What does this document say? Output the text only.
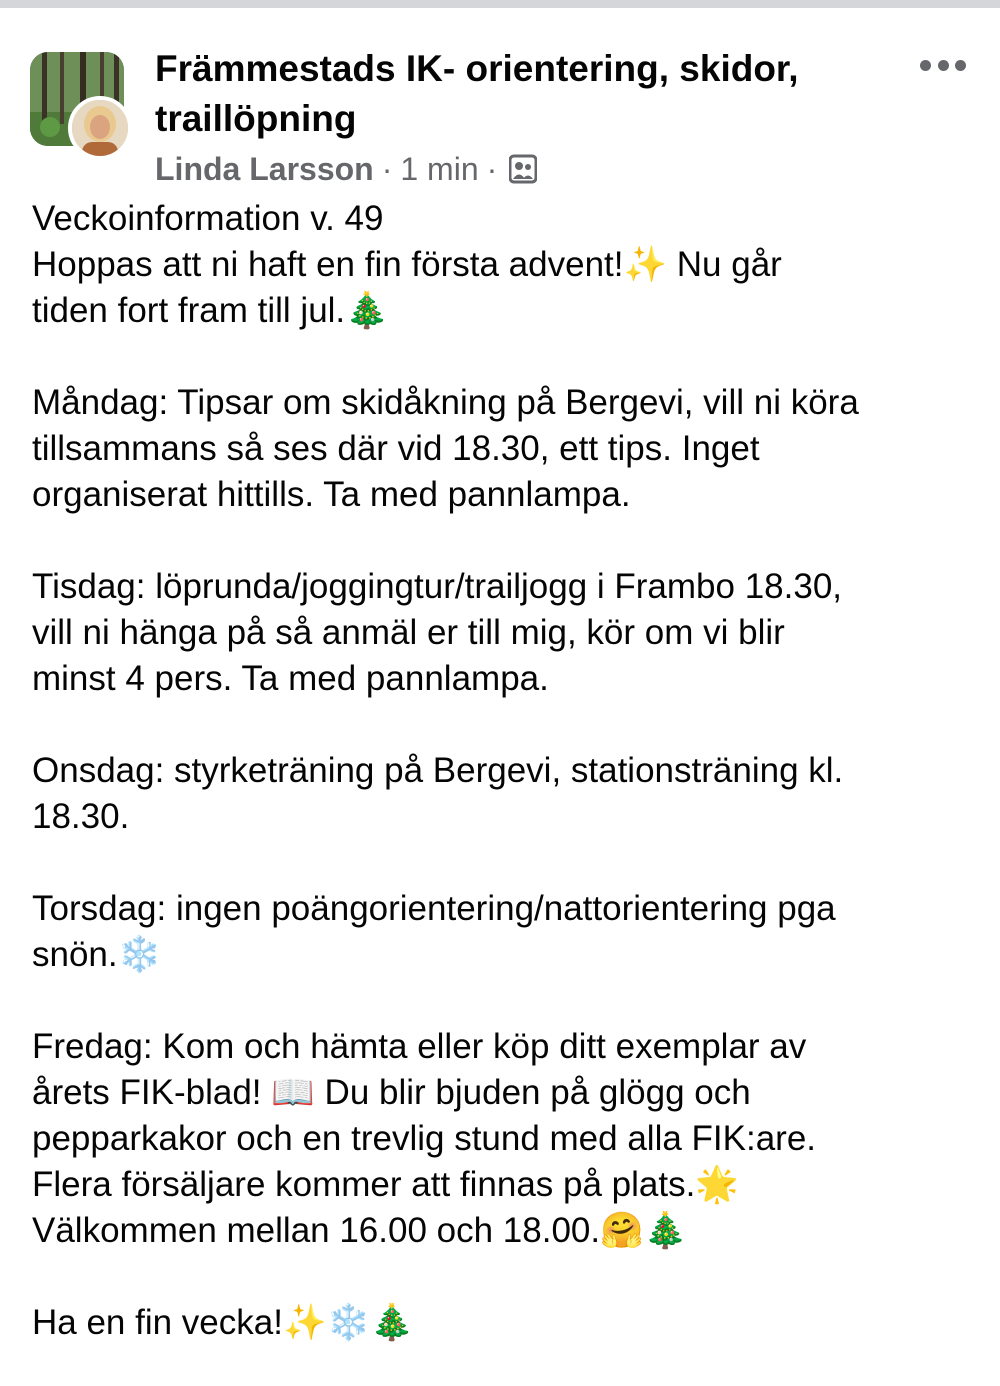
Främmestads IK- orientering, skidor, traillöpning
Linda Larsson · 1 min ·
Veckoinformation v. 49
Hoppas att ni haft en fin första advent!✨ Nu går
tiden fort fram till jul.🎄

Måndag: Tipsar om skidåkning på Bergevi, vill ni köra
tillsammans så ses där vid 18.30, ett tips. Inget
organiserat hittills. Ta med pannlampa.

Tisdag: löprunda/joggingtur/trailjogg i Frambo 18.30,
vill ni hänga på så anmäl er till mig, kör om vi blir
minst 4 pers. Ta med pannlampa.

Onsdag: styrketräning på Bergevi, stationsträning kl.
18.30.

Torsdag: ingen poängorientering/nattorientering pga
snön.❄️

Fredag: Kom och hämta eller köp ditt exemplar av
årets FIK-blad! 📖 Du blir bjuden på glögg och
pepparkakor och en trevlig stund med alla FIK:are.
Flera försäljare kommer att finnas på plats.🌟
Välkommen mellan 16.00 och 18.00.🤗🎄

Ha en fin vecka!✨❄️🎄
